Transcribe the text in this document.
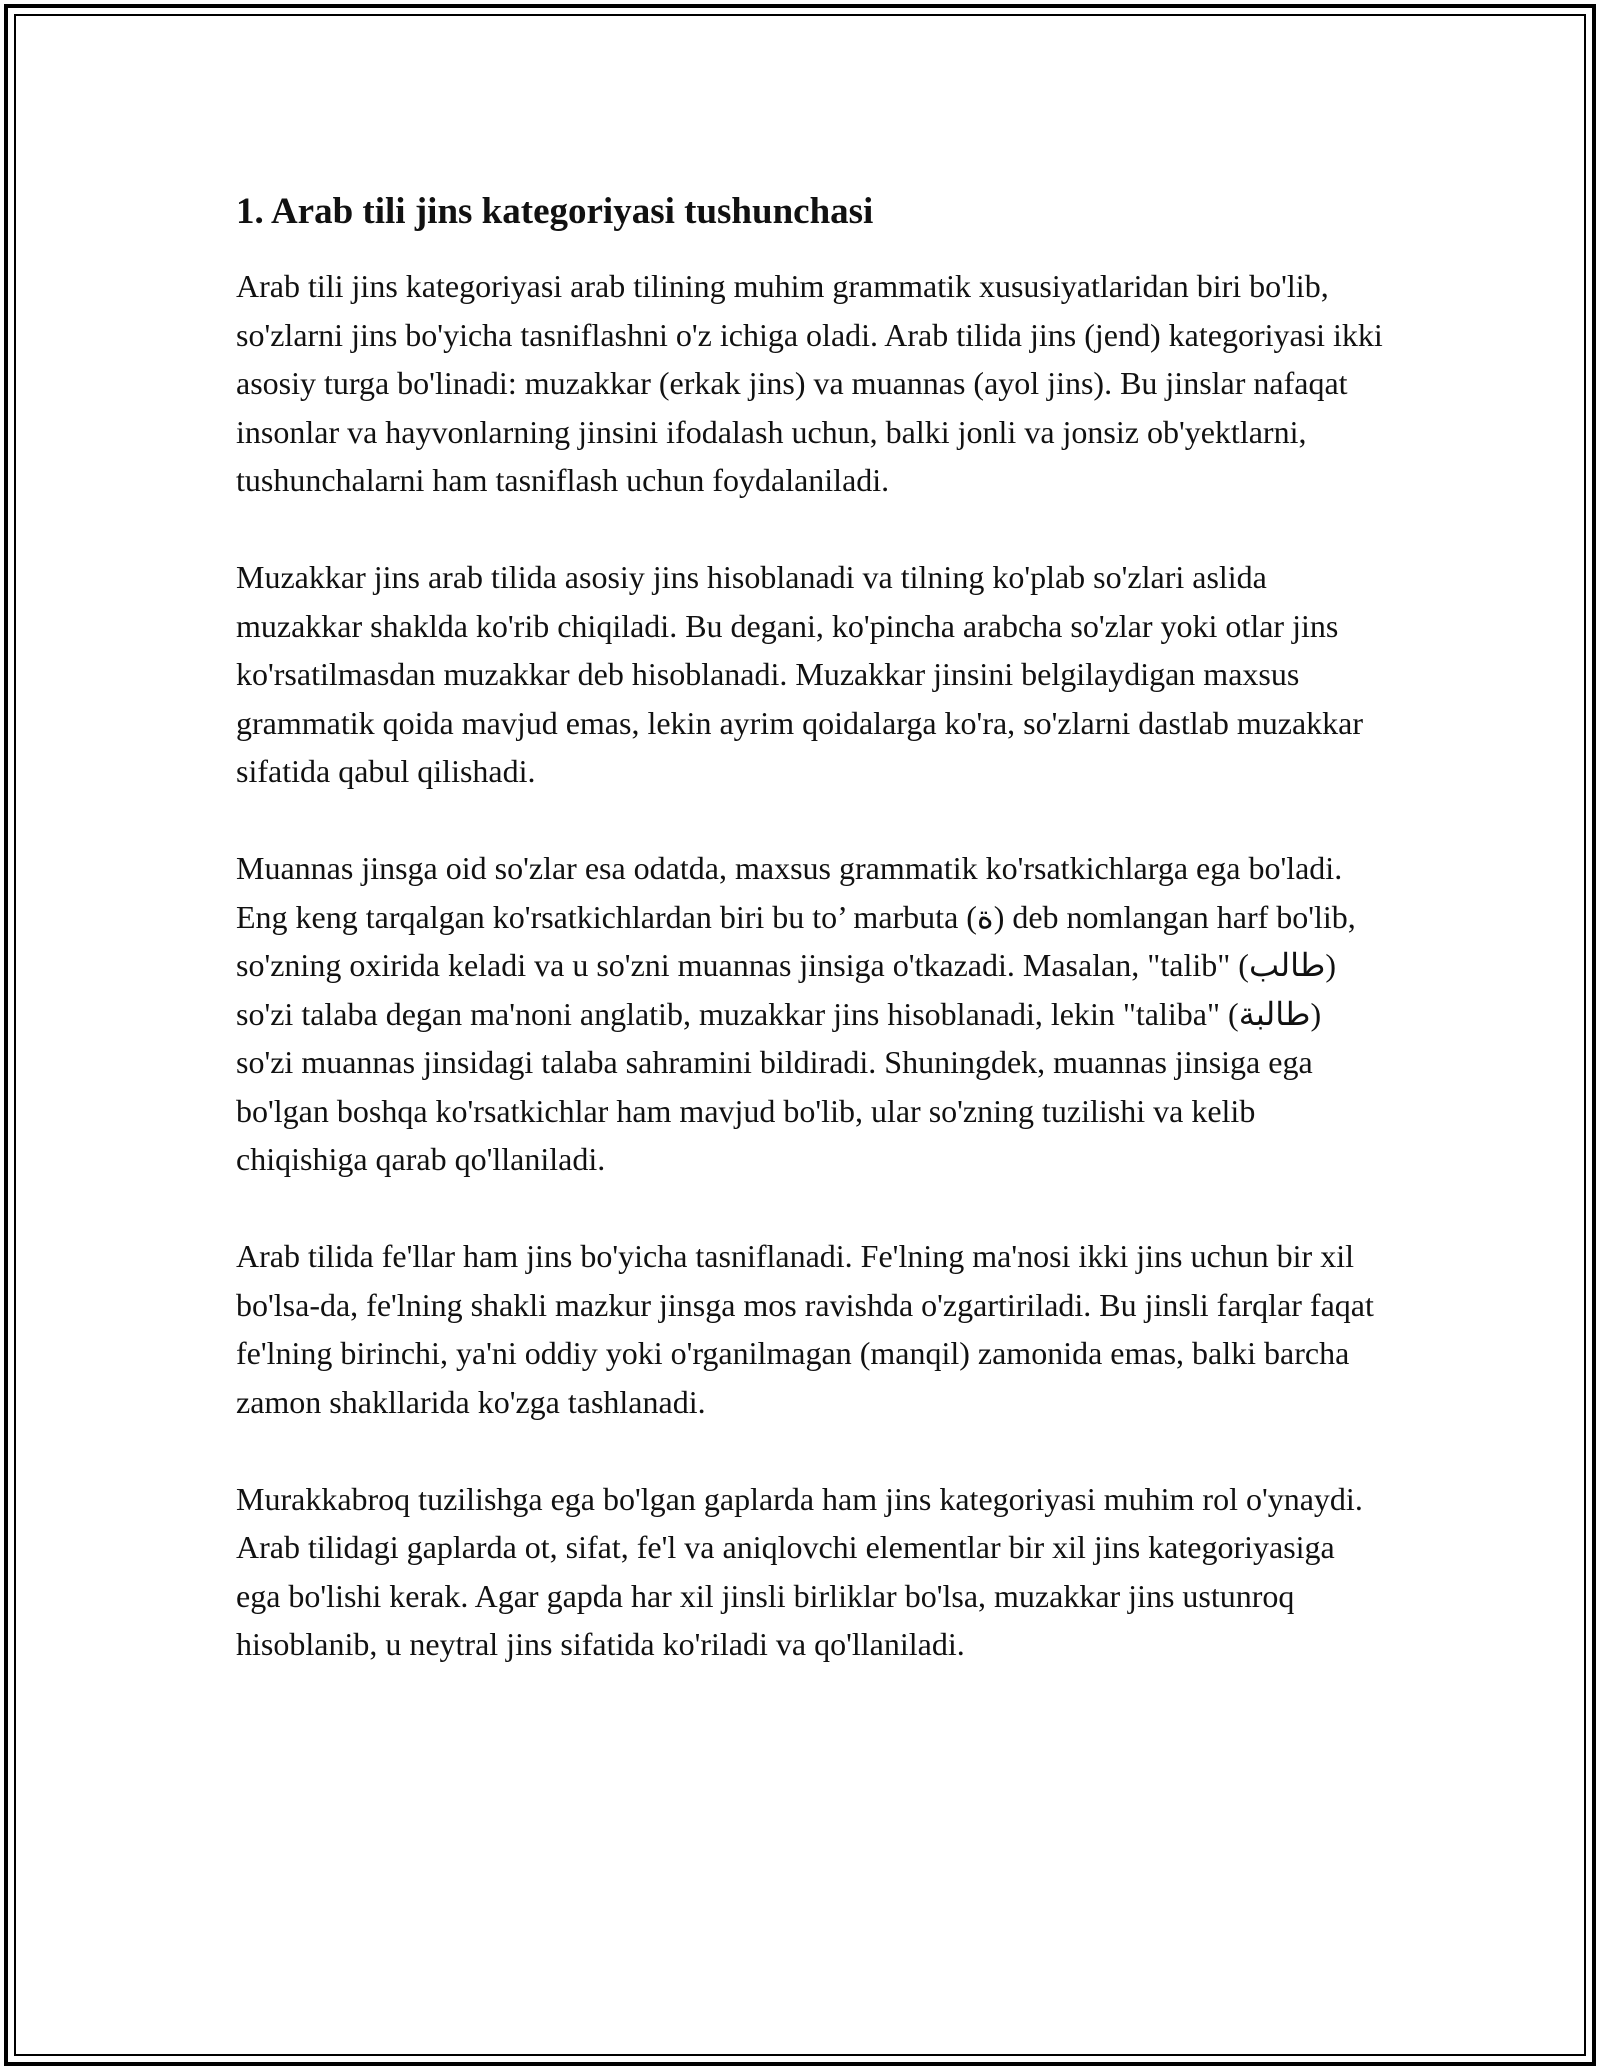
1. Arab tili jins kategoriyasi tushunchasi

Arab tili jins kategoriyasi arab tilining muhim grammatik xususiyatlaridan biri bo'lib, so'zlarni jins bo'yicha tasniflashni o'z ichiga oladi. Arab tilida jins (jend) kategoriyasi ikki asosiy turga bo'linadi: muzakkar (erkak jins) va muannas (ayol jins). Bu jinslar nafaqat insonlar va hayvonlarning jinsini ifodalash uchun, balki jonli va jonsiz ob'yektlarni, tushunchalarni ham tasniflash uchun foydalaniladi.

Muzakkar jins arab tilida asosiy jins hisoblanadi va tilning ko'plab so'zlari aslida muzakkar shaklda ko'rib chiqiladi. Bu degani, ko'pincha arabcha so'zlar yoki otlar jins ko'rsatilmasdan muzakkar deb hisoblanadi. Muzakkar jinsini belgilaydigan maxsus grammatik qoida mavjud emas, lekin ayrim qoidalarga ko'ra, so'zlarni dastlab muzakkar sifatida qabul qilishadi.

Muannas jinsga oid so'zlar esa odatda, maxsus grammatik ko'rsatkichlarga ega bo'ladi. Eng keng tarqalgan ko'rsatkichlardan biri bu to’ marbuta (ة) deb nomlangan harf bo'lib, so'zning oxirida keladi va u so'zni muannas jinsiga o'tkazadi. Masalan, "talib" (طالب) so'zi talaba degan ma'noni anglatib, muzakkar jins hisoblanadi, lekin "taliba" (طالبة) so'zi muannas jinsidagi talaba sahramini bildiradi. Shuningdek, muannas jinsiga ega bo'lgan boshqa ko'rsatkichlar ham mavjud bo'lib, ular so'zning tuzilishi va kelib chiqishiga qarab qo'llaniladi.

Arab tilida fe'llar ham jins bo'yicha tasniflanadi. Fe'lning ma'nosi ikki jins uchun bir xil bo'lsa-da, fe'lning shakli mazkur jinsga mos ravishda o'zgartiriladi. Bu jinsli farqlar faqat fe'lning birinchi, ya'ni oddiy yoki o'rganilmagan (manqil) zamonida emas, balki barcha zamon shakllarida ko'zga tashlanadi.

Murakkabroq tuzilishga ega bo'lgan gaplarda ham jins kategoriyasi muhim rol o'ynaydi. Arab tilidagi gaplarda ot, sifat, fe'l va aniqlovchi elementlar bir xil jins kategoriyasiga ega bo'lishi kerak. Agar gapda har xil jinsli birliklar bo'lsa, muzakkar jins ustunroq hisoblanib, u neytral jins sifatida ko'riladi va qo'llaniladi.
